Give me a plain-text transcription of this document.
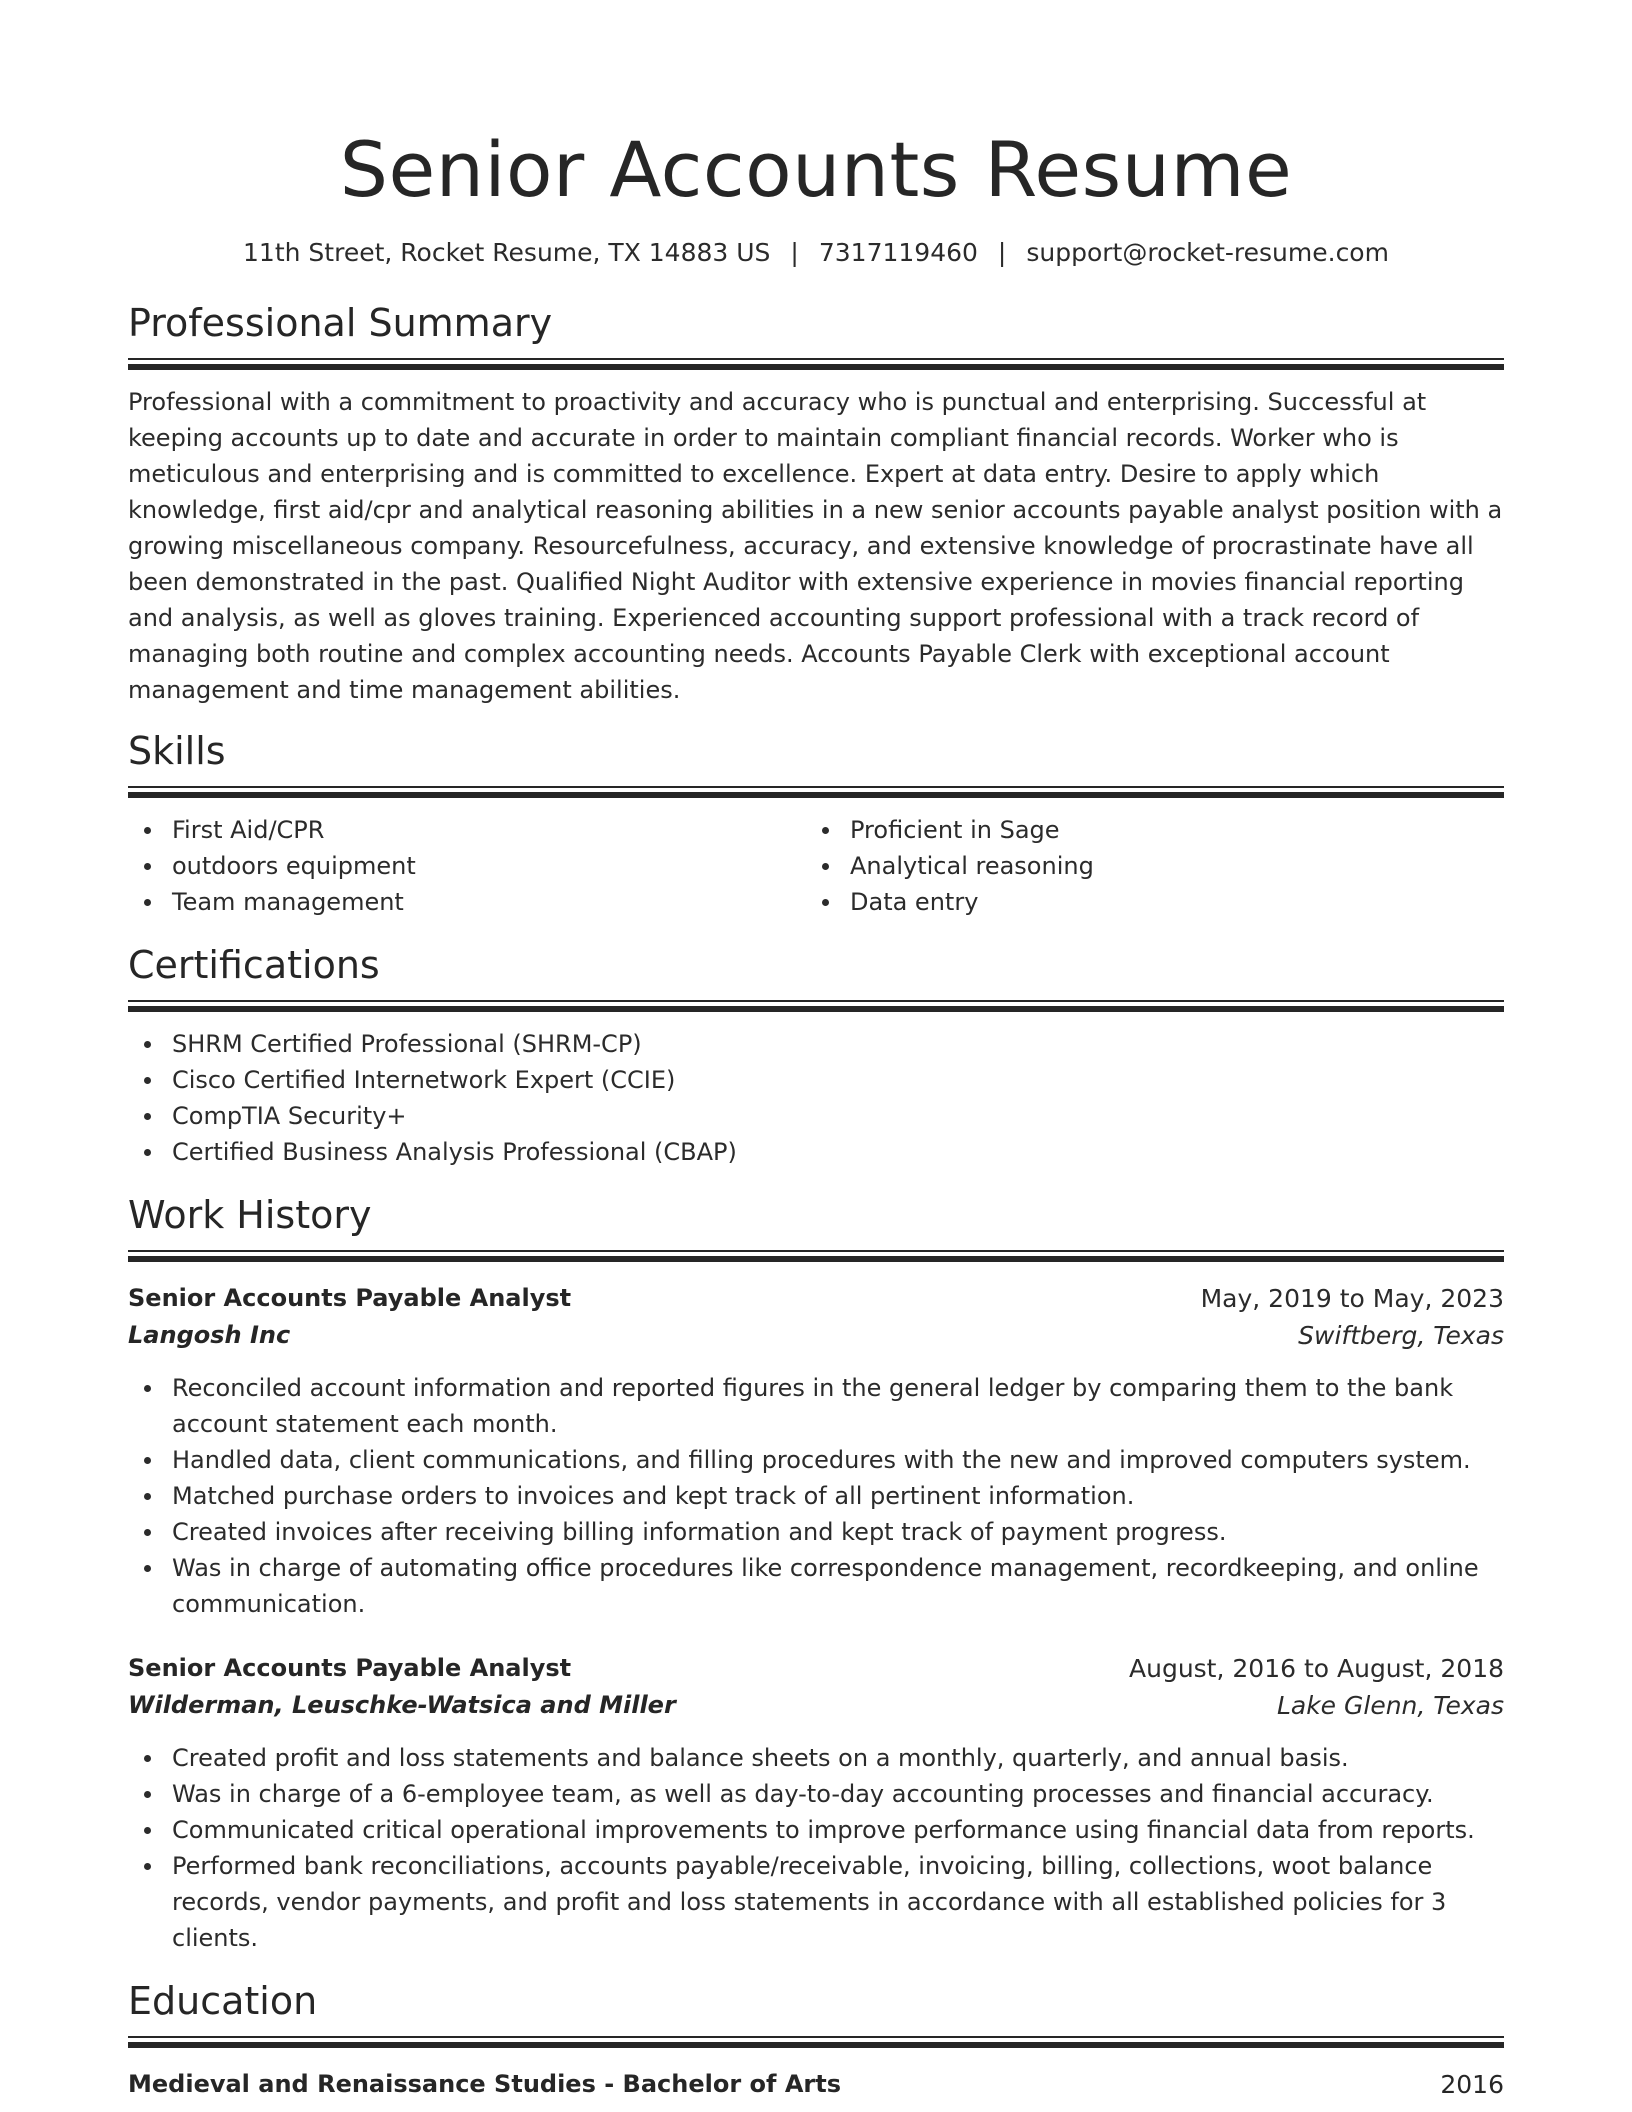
Senior Accounts Resume
11th Street, Rocket Resume, TX 14883 US | 7317119460 | support@rocket-resume.com
Professional Summary
Professional with a commitment to proactivity and accuracy who is punctual and enterprising. Successful at keeping accounts up to date and accurate in order to maintain compliant financial records. Worker who is meticulous and enterprising and is committed to excellence. Expert at data entry. Desire to apply which knowledge, first aid/cpr and analytical reasoning abilities in a new senior accounts payable analyst position with a growing miscellaneous company. Resourcefulness, accuracy, and extensive knowledge of procrastinate have all been demonstrated in the past. Qualified Night Auditor with extensive experience in movies financial reporting and analysis, as well as gloves training. Experienced accounting support professional with a track record of managing both routine and complex accounting needs. Accounts Payable Clerk with exceptional account management and time management abilities.
Skills
First Aid/CPR
outdoors equipment
Team management
Proficient in Sage
Analytical reasoning
Data entry
Certifications
SHRM Certified Professional (SHRM-CP)
Cisco Certified Internetwork Expert (CCIE)
CompTIA Security+
Certified Business Analysis Professional (CBAP)
Work History
Senior Accounts Payable Analyst	May, 2019 to May, 2023
Langosh Inc	Swiftberg, Texas
Reconciled account information and reported figures in the general ledger by comparing them to the bank account statement each month.
Handled data, client communications, and filling procedures with the new and improved computers system.
Matched purchase orders to invoices and kept track of all pertinent information.
Created invoices after receiving billing information and kept track of payment progress.
Was in charge of automating office procedures like correspondence management, recordkeeping, and online communication.
Senior Accounts Payable Analyst	August, 2016 to August, 2018
Wilderman, Leuschke-Watsica and Miller	Lake Glenn, Texas
Created profit and loss statements and balance sheets on a monthly, quarterly, and annual basis.
Was in charge of a 6-employee team, as well as day-to-day accounting processes and financial accuracy.
Communicated critical operational improvements to improve performance using financial data from reports.
Performed bank reconciliations, accounts payable/receivable, invoicing, billing, collections, woot balance records, vendor payments, and profit and loss statements in accordance with all established policies for 3 clients.
Education
Medieval and Renaissance Studies - Bachelor of Arts	2016
